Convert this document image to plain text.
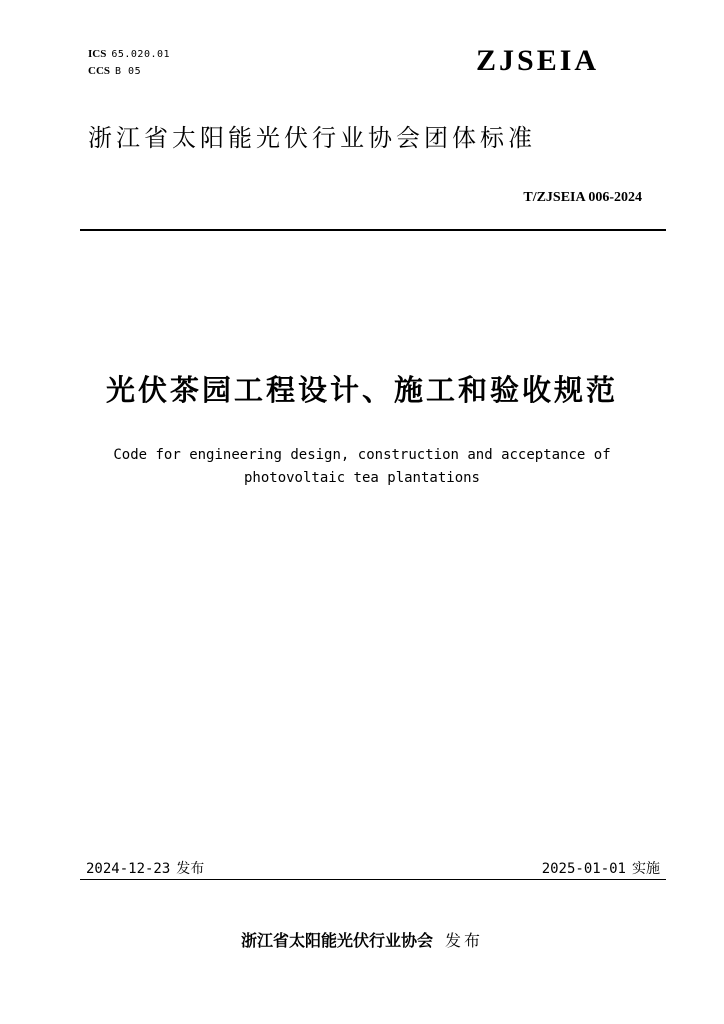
ICS 65.020.01
CCS B 05	ZJSEIA
浙江省太阳能光伏行业协会团体标准
T/ZJSEIA 006-2024
光伏茶园工程设计、施工和验收规范
Code for engineering design, construction and acceptance of
photovoltaic tea plantations
2024-12-23 发布	2025-01-01 实施
浙江省太阳能光伏行业协会 发布
